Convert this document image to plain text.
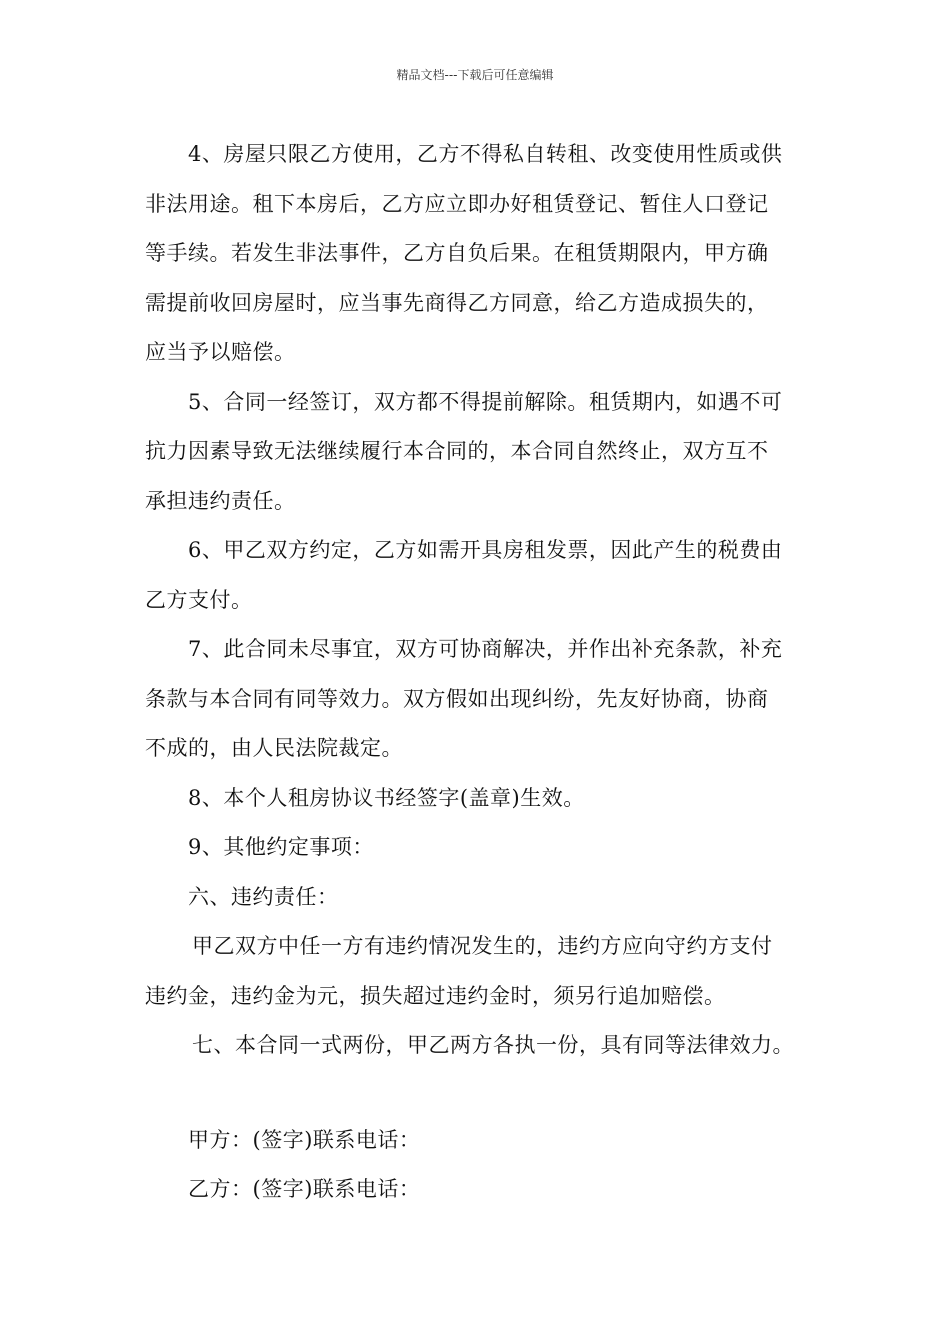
精品文档---下载后可任意编辑
4、房屋只限乙方使用，乙方不得私自转租、改变使用性质或供
非法用途。租下本房后，乙方应立即办好租赁登记、暂住人口登记
等手续。若发生非法事件，乙方自负后果。在租赁期限内，甲方确
需提前收回房屋时，应当事先商得乙方同意，给乙方造成损失的，
应当予以赔偿。
5、合同一经签订，双方都不得提前解除。租赁期内，如遇不可
抗力因素导致无法继续履行本合同的，本合同自然终止，双方互不
承担违约责任。
6、甲乙双方约定，乙方如需开具房租发票，因此产生的税费由
乙方支付。
7、此合同未尽事宜，双方可协商解决，并作出补充条款，补充
条款与本合同有同等效力。双方假如出现纠纷，先友好协商，协商
不成的，由人民法院裁定。
8、本个人租房协议书经签字(盖章)生效。
9、其他约定事项：
六、违约责任：
甲乙双方中任一方有违约情况发生的，违约方应向守约方支付
违约金，违约金为元，损失超过违约金时，须另行追加赔偿。
七、本合同一式两份，甲乙两方各执一份，具有同等法律效力。
甲方：(签字)联系电话：
乙方：(签字)联系电话：
